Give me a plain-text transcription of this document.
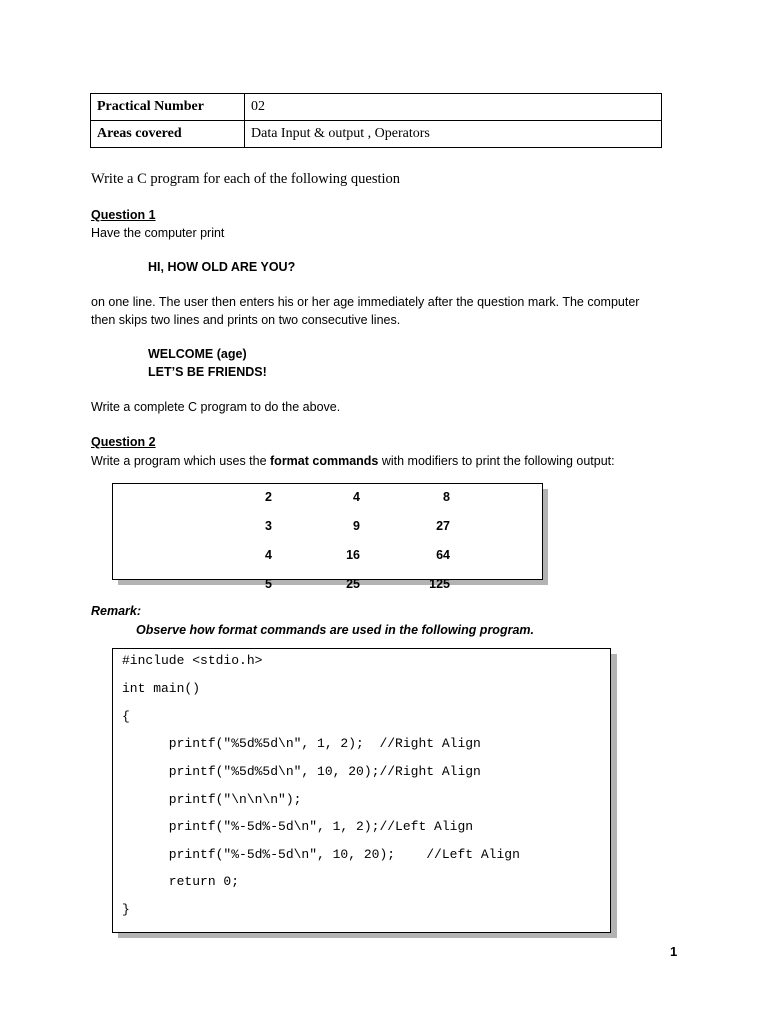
Practical Number	02
Areas covered	Data Input & output , Operators
Write a C program for each of the following question
Question 1
Have the computer print
HI, HOW OLD ARE YOU?
on one line. The user then enters his or her age immediately after the question mark. The computer
then skips two lines and prints on two consecutive lines.
WELCOME (age)
LET’S BE FRIENDS!
Write a complete C program to do the above.
Question 2
Write a program which uses the format commands with modifiers to print the following output:
2	4	8
3	9	27
4	16	64
5	25	125
Remark:
Observe how format commands are used in the following program.
#include <stdio.h>
int main()
{
printf("%5d%5d\n", 1, 2);  //Right Align
printf("%5d%5d\n", 10, 20);//Right Align
printf("\n\n\n");
printf("%-5d%-5d\n", 1, 2);//Left Align
printf("%-5d%-5d\n", 10, 20);    //Left Align
return 0;
}
1
